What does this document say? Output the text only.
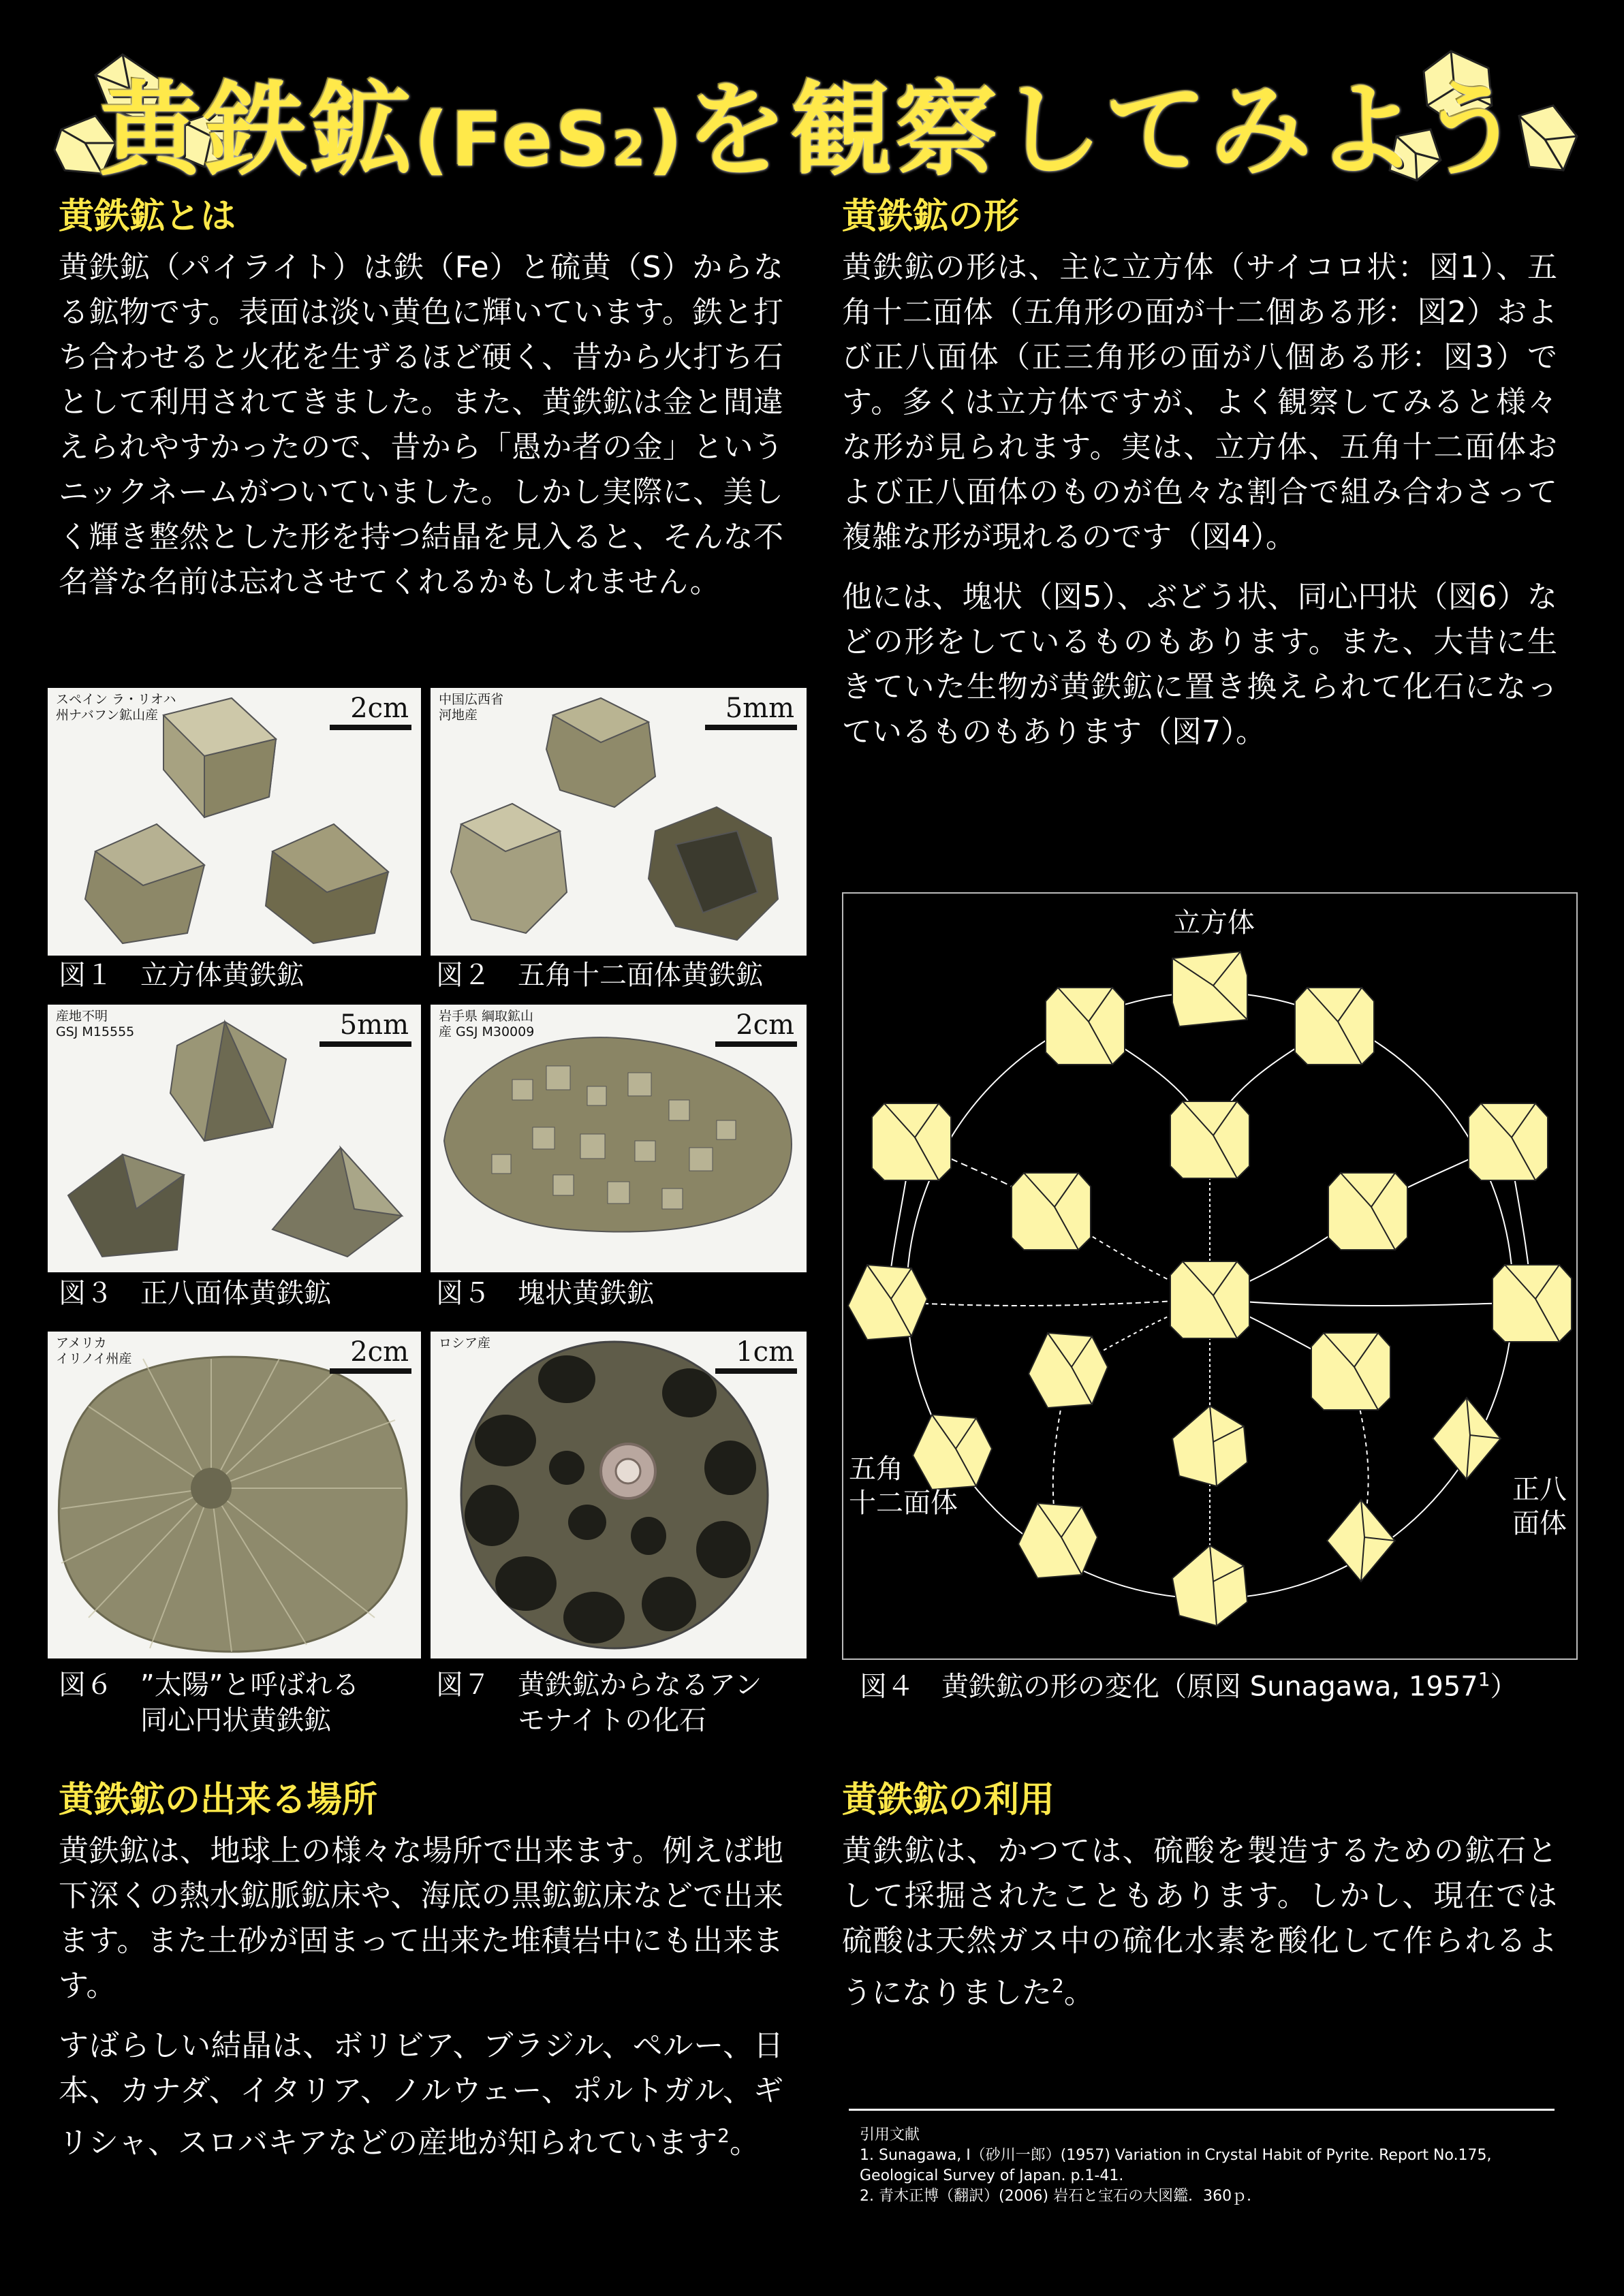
黄鉄鉱(FeS2)を観察してみよう
黄鉄鉱とは

黄鉄鉱（パイライト）は鉄（Fe）と硫黄（S）からなる鉱物です。表面は淡い黄色に輝いています。鉄と打ち合わせると火花を生ずるほど硬く、昔から火打ち石として利用されてきました。また、黄鉄鉱は金と間違えられやすかったので、昔から「愚か者の金」というニックネームがついていました。しかし実際に、美しく輝き整然とした形を持つ結晶を見入ると、そんな不名誉な名前は忘れさせてくれるかもしれません。

黄鉄鉱の形

黄鉄鉱の形は、主に立方体（サイコロ状：図1）、五角十二面体（五角形の面が十二個ある形：図2）および正八面体（正三角形の面が八個ある形：図3）です。多くは立方体ですが、よく観察してみると様々な形が見られます。実は、立方体、五角十二面体および正八面体のものが色々な割合で組み合わさって複雑な形が現れるのです（図4）。

他には、塊状（図5）、ぶどう状、同心円状（図6）などの形をしているものもあります。また、大昔に生きていた生物が黄鉄鉱に置き換えられて化石になっているものもあります（図7）。

スペイン ラ・リオハ
州ナバフン鉱山産	2cm 中国広西省
河地産	5mm
図１　立方体黄鉄鉱	図２　五角十二面体黄鉄鉱
産地不明
GSJ M15555	5mm 岩手県 綱取鉱山
産 GSJ M30009	2cm
図３　正八面体黄鉄鉱	図５　塊状黄鉄鉱
アメリカ
イリノイ州産	2cm ロシア産	1cm
図６　”太陽”と呼ばれる
　　　同心円状黄鉄鉱
図７　黄鉄鉱からなるアン
　　　モナイトの化石
立方体
五角
十二面体	正八
面体
図４　黄鉄鉱の形の変化（原図 Sunagawa, 1957$^1$）
黄鉄鉱の出来る場所

黄鉄鉱は、地球上の様々な場所で出来ます。例えば地下深くの熱水鉱脈鉱床や、海底の黒鉱鉱床などで出来ます。また土砂が固まって出来た堆積岩中にも出来ます。

すばらしい結晶は、ボリビア、ブラジル、ペルー、日本、カナダ、イタリア、ノルウェー、ポルトガル、ギリシャ、スロバキアなどの産地が知られています$^2$。

黄鉄鉱の利用

黄鉄鉱は、かつては、硫酸を製造するための鉱石として採掘されたこともあります。しかし、現在では硫酸は天然ガス中の硫化水素を酸化して作られるようになりました$^2$。

引用文献

1. Sunagawa, I（砂川一郎）(1957) Variation in Crystal Habit of Pyrite. Report No.175, Geological Survey of Japan. p.1-41.

2. 青木正博（翻訳）(2006) 岩石と宝石の大図鑑．360ｐ．
